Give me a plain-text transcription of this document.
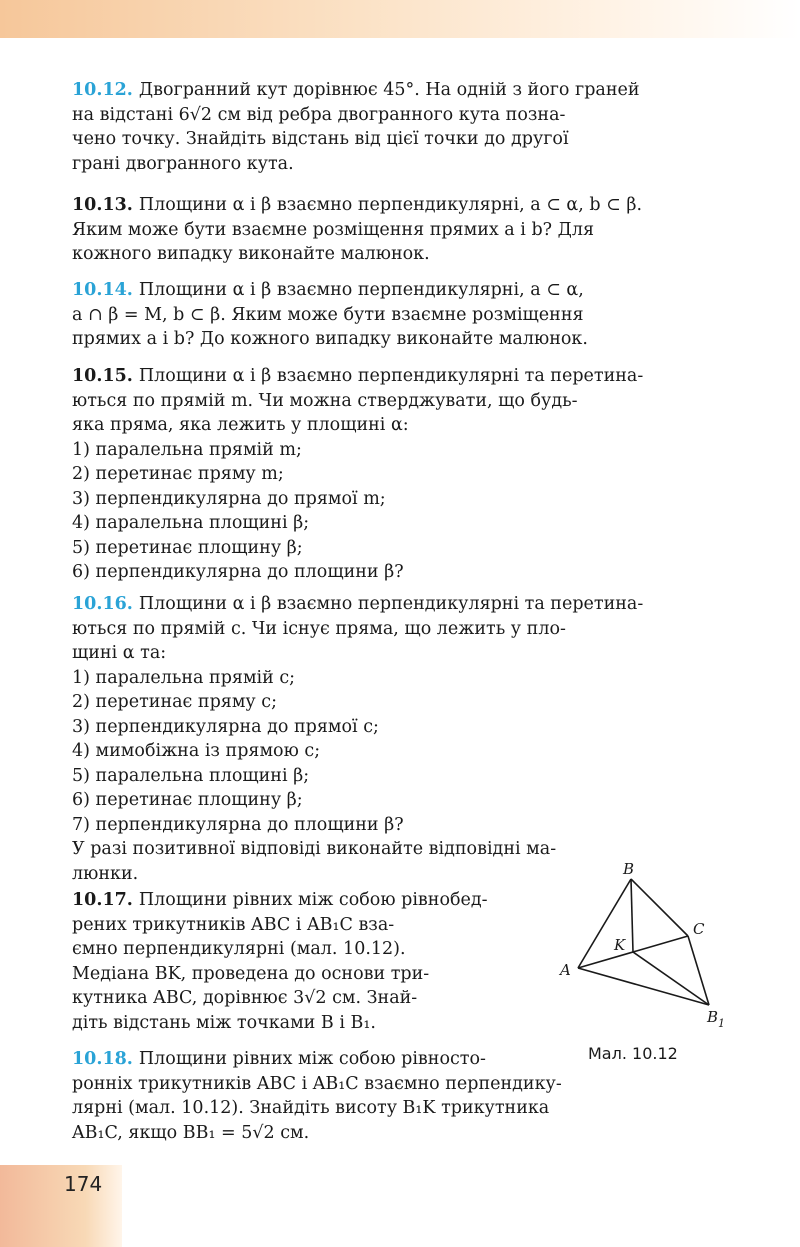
10.12. Двогранний кут дорівнює 45°. На одній з його граней
на відстані 6√2 см від ребра двогранного кута позна-
чено точку. Знайдіть відстань від цієї точки до другої
грані двогранного кута.
10.13. Площини α і β взаємно перпендикулярні, a ⊂ α, b ⊂ β.
Яким може бути взаємне розміщення прямих a і b? Для
кожного випадку виконайте малюнок.
10.14. Площини α і β взаємно перпендикулярні, a ⊂ α,
a ∩ β = M, b ⊂ β. Яким може бути взаємне розміщення
прямих a і b? До кожного випадку виконайте малюнок.
10.15. Площини α і β взаємно перпендикулярні та перетина-
ються по прямій m. Чи можна стверджувати, що будь-
яка пряма, яка лежить у площині α:
1) паралельна прямій m;
2) перетинає пряму m;
3) перпендикулярна до прямої m;
4) паралельна площині β;
5) перетинає площину β;
6) перпендикулярна до площини β?
10.16. Площини α і β взаємно перпендикулярні та перетина-
ються по прямій c. Чи існує пряма, що лежить у пло-
щині α та:
1) паралельна прямій c;
2) перетинає пряму c;
3) перпендикулярна до прямої c;
4) мимобіжна із прямою c;
5) паралельна площині β;
6) перетинає площину β;
7) перпендикулярна до площини β?
У разі позитивної відповіді виконайте відповідні ма-
люнки.
10.17. Площини рівних між собою рівнобед-
рених трикутників ABC і AB₁C вза-
ємно перпендикулярні (мал. 10.12).
Медіана BK, проведена до основи три-
кутника ABC, дорівнює 3√2 см. Знай-
діть відстань між точками B і B₁.
10.18. Площини рівних між собою рівносто-
ронніх трикутників ABC і AB₁C взаємно перпендику-
лярні (мал. 10.12). Знайдіть висоту B₁K трикутника
AB₁C, якщо BB₁ = 5√2 см.
B
C
K
A
$B_1$
Мал. 10.12
174
